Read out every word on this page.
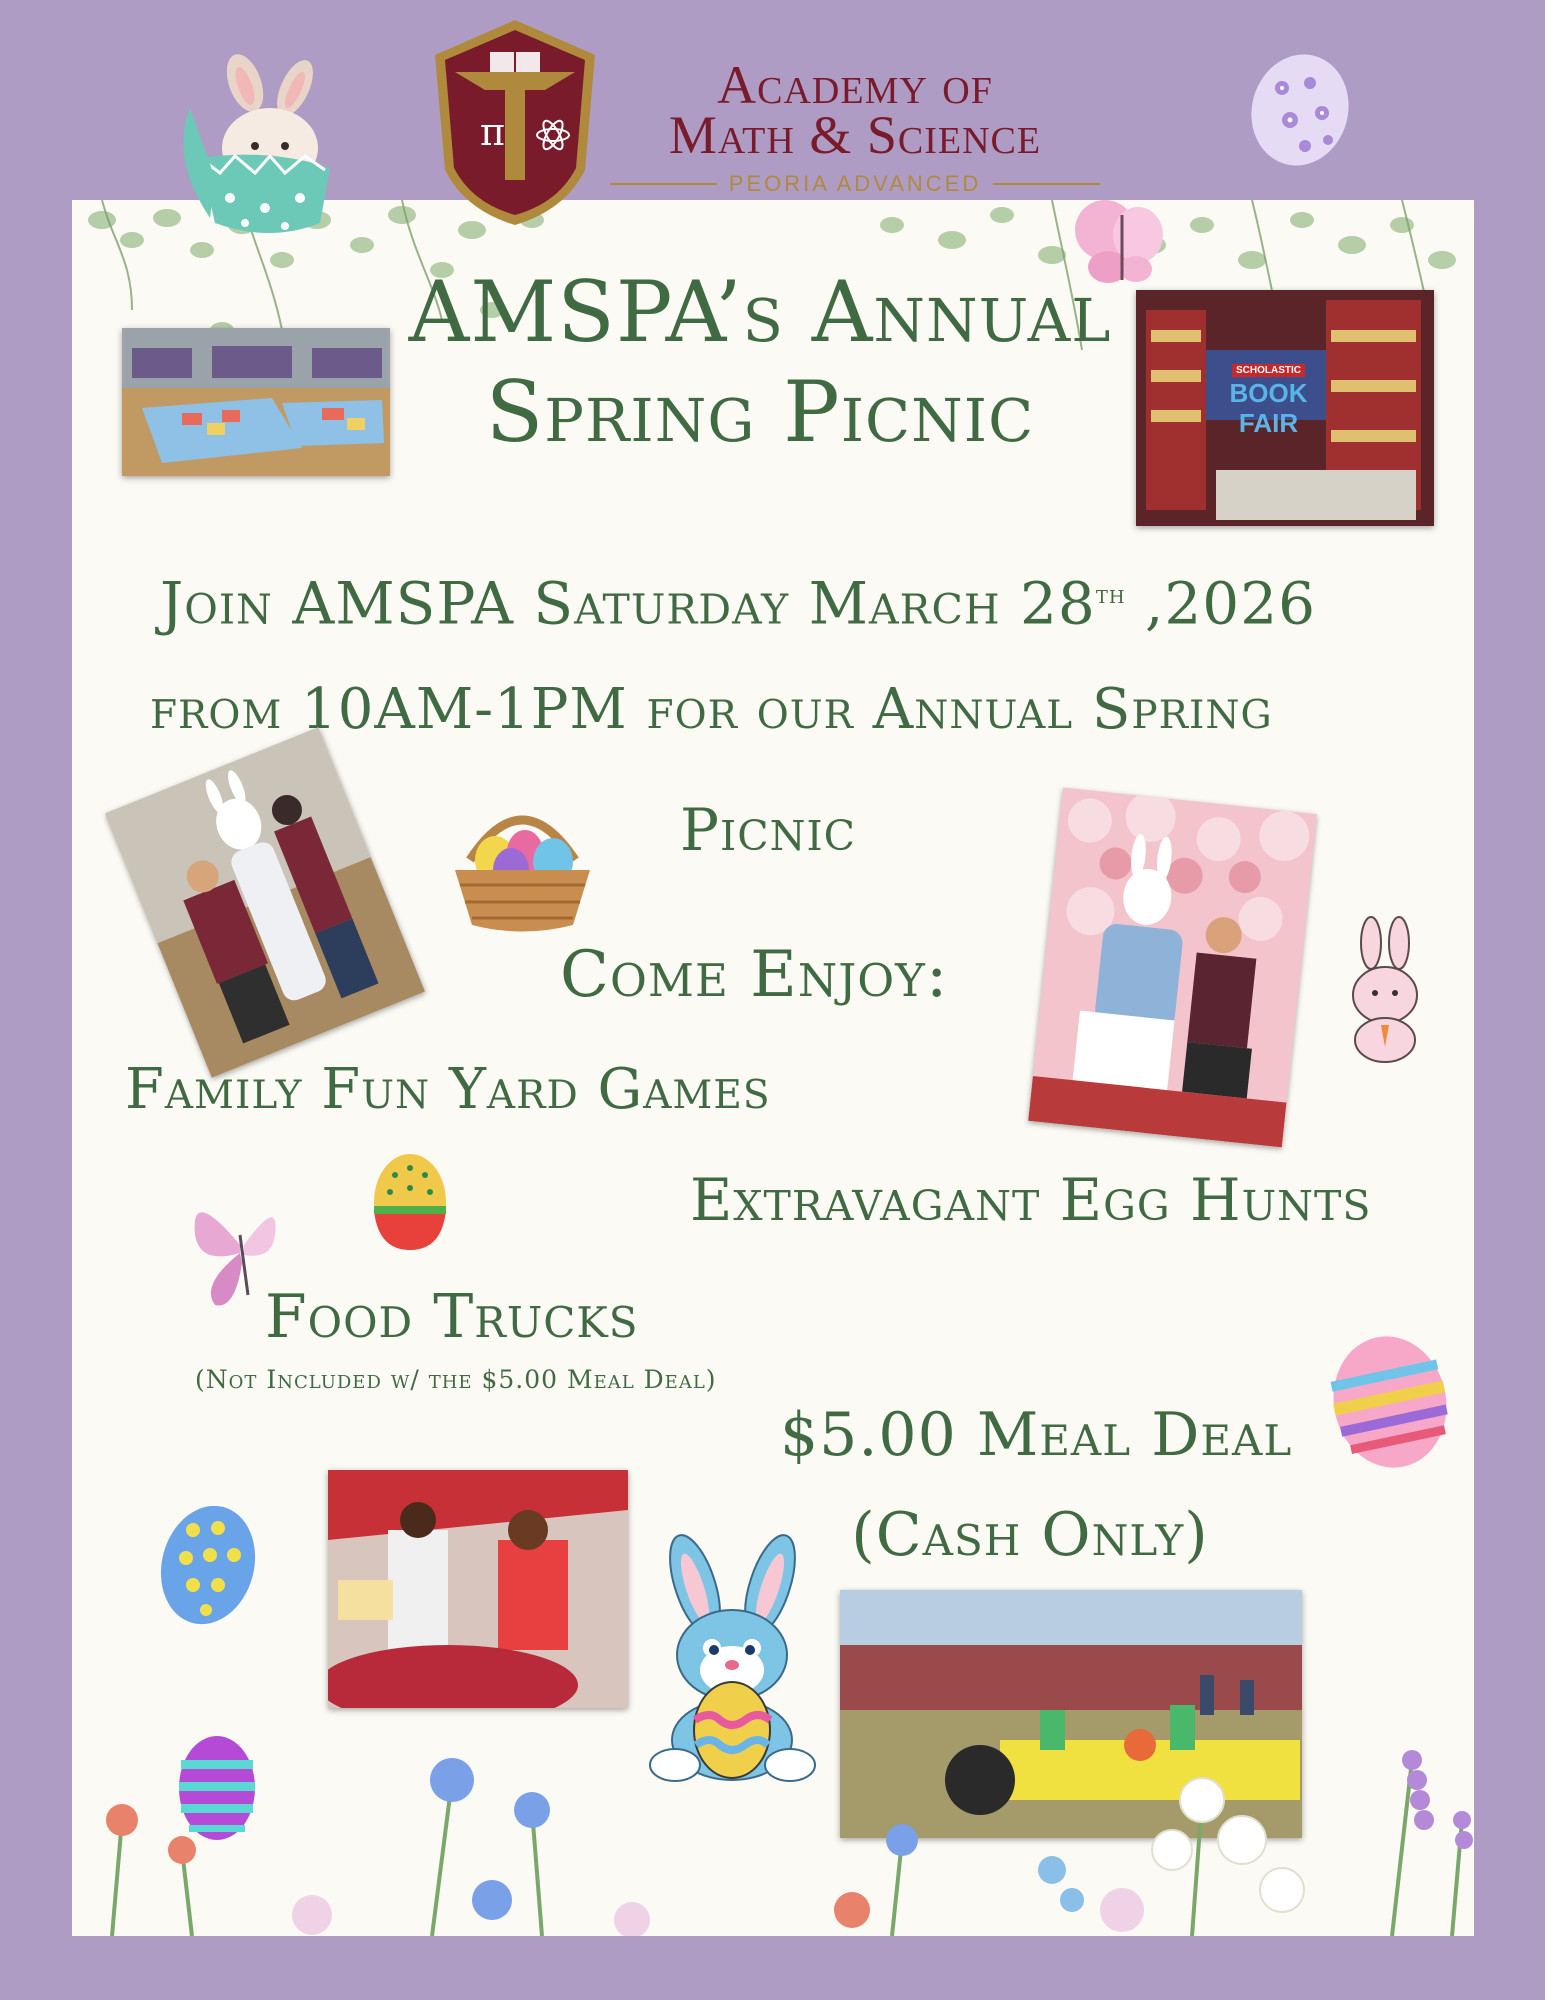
π
Academy of
Math & Science
PEORIA ADVANCED
SCHOLASTIC
BOOK FAIR
AMSPA’s Annual
Spring Picnic
Join AMSPA Saturday March 28th ,2026
from 10AM-1PM for our Annual Spring
Picnic
Come Enjoy:
Family Fun Yard Games
Extravagant Egg Hunts
Food Trucks
(Not Included w/ the $5.00 Meal Deal)
$5.00 Meal Deal
(Cash Only)
